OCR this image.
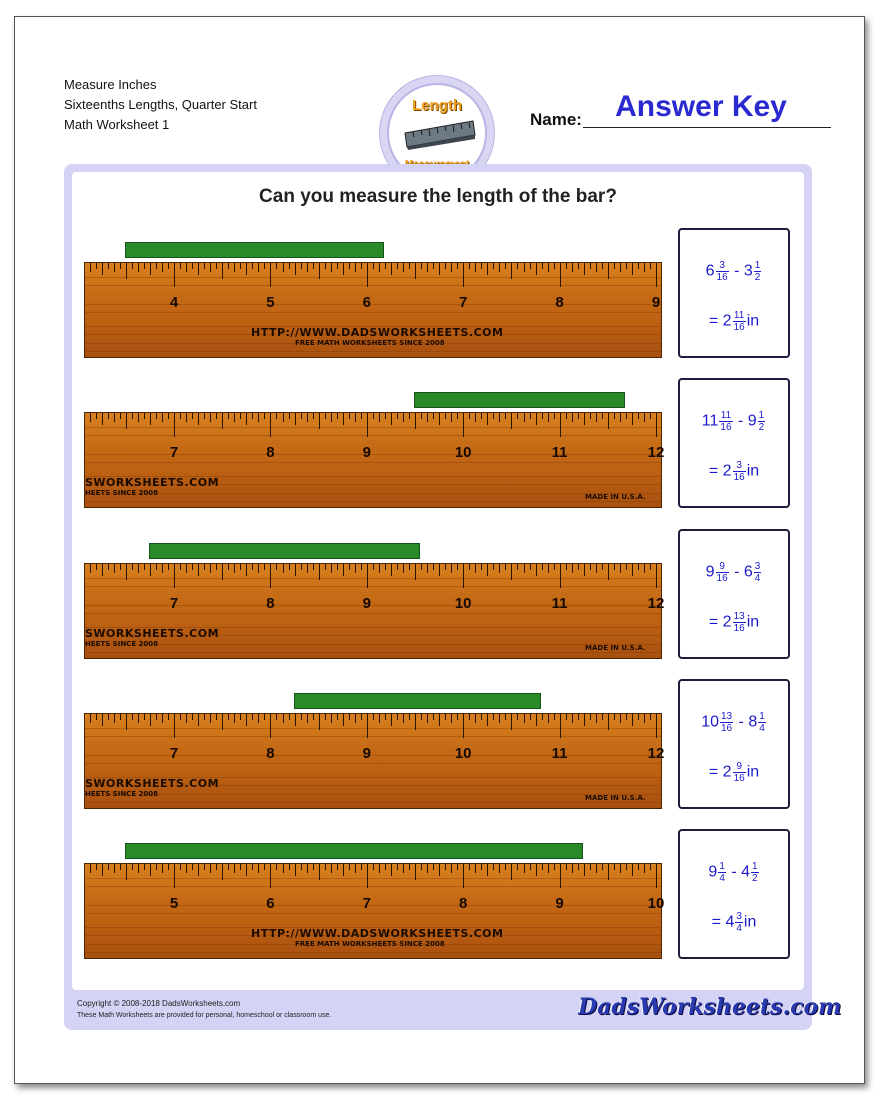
Measure Inches
Sixteenths Lengths, Quarter Start
Math Worksheet 1
Length
Name:	Answer Key
Can you measure the length of the bar?
4	5	6	7	8	9
HTTP://WWW.DADSWORKSHEETS.COM
FREE MATH WORKSHEETS SINCE 2008
$6 \frac{3}{16} - 3 \frac{1}{2}$
= $2 \frac{11}{16}$ in
7	8	9	10	11	12
SWORKSHEETS.COM
HEETS SINCE 2008	MADE IN U.S.A.
$11 \frac{11}{16} - 9 \frac{1}{2}$
= $2 \frac{3}{16}$ in
7	8	9	10	11	12
SWORKSHEETS.COM
HEETS SINCE 2008	MADE IN U.S.A.
$9 \frac{9}{16} - 6 \frac{3}{4}$
= $2 \frac{13}{16}$ in
7	8	9	10	11	12
SWORKSHEETS.COM
HEETS SINCE 2008	MADE IN U.S.A.
$10 \frac{13}{16} - 8 \frac{1}{4}$
= $2 \frac{9}{16}$ in
5	6	7	8	9	10
HTTP://WWW.DADSWORKSHEETS.COM
FREE MATH WORKSHEETS SINCE 2008
$9 \frac{1}{4} - 4 \frac{1}{2}$
= $4 \frac{3}{4}$ in
Copyright © 2008-2018 DadsWorksheets.com
These Math Worksheets are provided for personal, homeschool or classroom use.	DadsWorksheets.com
